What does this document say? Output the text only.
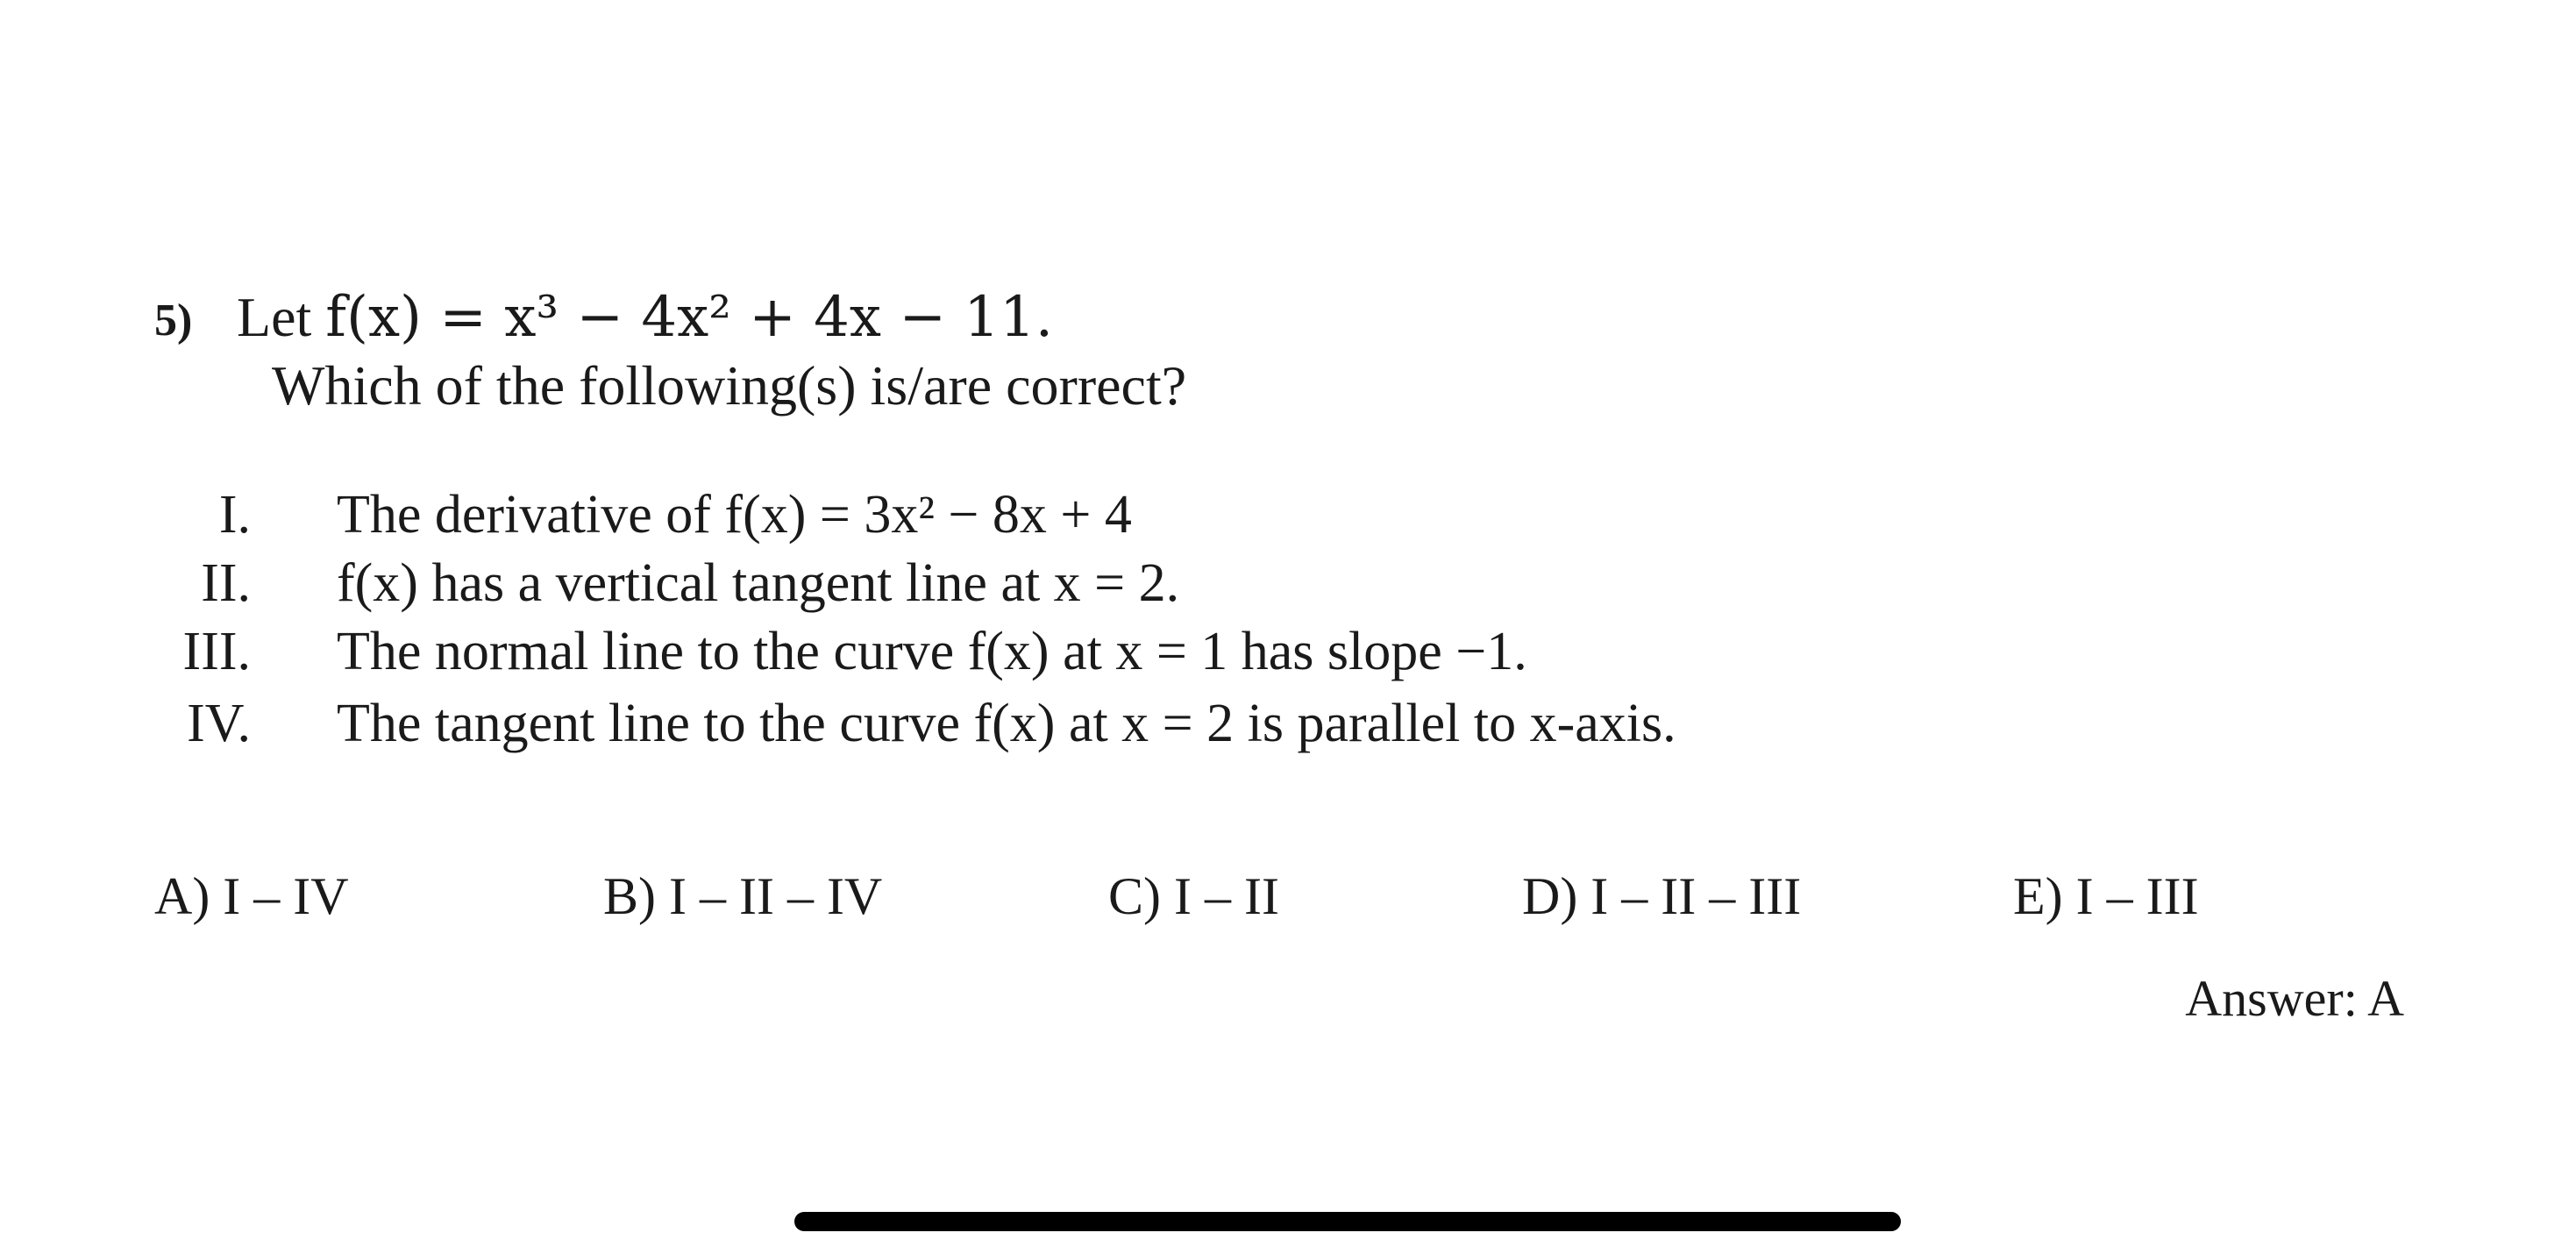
5) Let f(x) = x³ − 4x² + 4x − 11.
Which of the following(s) is/are correct?
I. The derivative of f(x) = 3x² − 8x + 4
II. f(x) has a vertical tangent line at x = 2.
III. The normal line to the curve f(x) at x = 1 has slope −1.
IV. The tangent line to the curve f(x) at x = 2 is parallel to x-axis.
A) I – IV	B) I – II – IV	C) I – II	D) I – II – III	E) I – III
Answer: A
